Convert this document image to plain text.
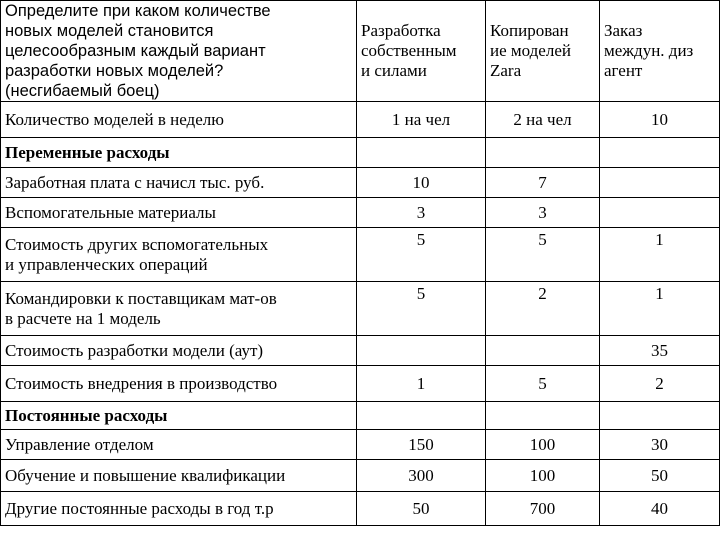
Определите при каком количестве
новых моделей становится
целесообразным каждый вариант
разработки новых моделей?
(несгибаемый боец)	Разработка
собственным
и силами	Копирован
ие моделей
Zara	Заказ
междун. диз
агент

Количество моделей в неделю	1 на чел	2 на чел	10
Переменные расходы			
Заработная плата с начисл тыс. руб.	10	7	
Вспомогательные материалы	3	3	

Стоимость других вспомогательных
и управленческих операций	5	5	1

Командировки к поставщикам мат-ов
в расчете на 1 модель	5	2	1
Стоимость разработки модели (аут)			35
Стоимость внедрения в производство	1	5	2
Постоянные расходы			
Управление отделом	150	100	30
Обучение и повышение квалификации	300	100	50
Другие постоянные расходы в год т.р	50	700	40
